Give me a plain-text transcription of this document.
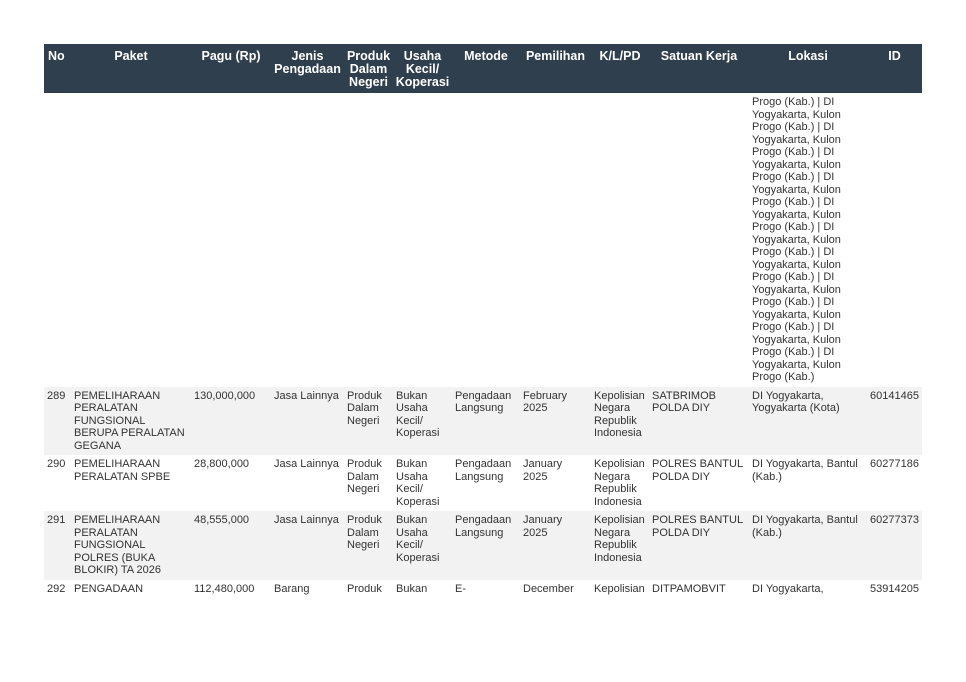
No	Paket	Pagu (Rp)	Jenis Pengadaan	Produk Dalam Negeri	Usaha Kecil/ Koperasi	Metode	Pemilihan	K/L/PD	Satuan Kerja	Lokasi	ID
										Progo (Kab.) | DI Yogyakarta, Kulon Progo (Kab.) | DI Yogyakarta, Kulon Progo (Kab.) | DI Yogyakarta, Kulon Progo (Kab.) | DI Yogyakarta, Kulon Progo (Kab.) | DI Yogyakarta, Kulon Progo (Kab.) | DI Yogyakarta, Kulon Progo (Kab.) | DI Yogyakarta, Kulon Progo (Kab.) | DI Yogyakarta, Kulon Progo (Kab.) | DI Yogyakarta, Kulon Progo (Kab.) | DI Yogyakarta, Kulon Progo (Kab.) | DI Yogyakarta, Kulon Progo (Kab.)	
289	PEMELIHARAAN PERALATAN FUNGSIONAL BERUPA PERALATAN GEGANA	130,000,000	Jasa Lainnya	Produk Dalam Negeri	Bukan Usaha Kecil/ Koperasi	Pengadaan Langsung	February 2025	Kepolisian Negara Republik Indonesia	SATBRIMOB POLDA DIY	DI Yogyakarta, Yogyakarta (Kota)	60141465
290	PEMELIHARAAN PERALATAN SPBE	28,800,000	Jasa Lainnya	Produk Dalam Negeri	Bukan Usaha Kecil/ Koperasi	Pengadaan Langsung	January 2025	Kepolisian Negara Republik Indonesia	POLRES BANTUL POLDA DIY	DI Yogyakarta, Bantul (Kab.)	60277186
291	PEMELIHARAAN PERALATAN FUNGSIONAL POLRES (BUKA BLOKIR) TA 2026	48,555,000	Jasa Lainnya	Produk Dalam Negeri	Bukan Usaha Kecil/ Koperasi	Pengadaan Langsung	January 2025	Kepolisian Negara Republik Indonesia	POLRES BANTUL POLDA DIY	DI Yogyakarta, Bantul (Kab.)	60277373
292	PENGADAAN	112,480,000	Barang	Produk	Bukan	E-	December	Kepolisian	DITPAMOBVIT	DI Yogyakarta,	53914205
